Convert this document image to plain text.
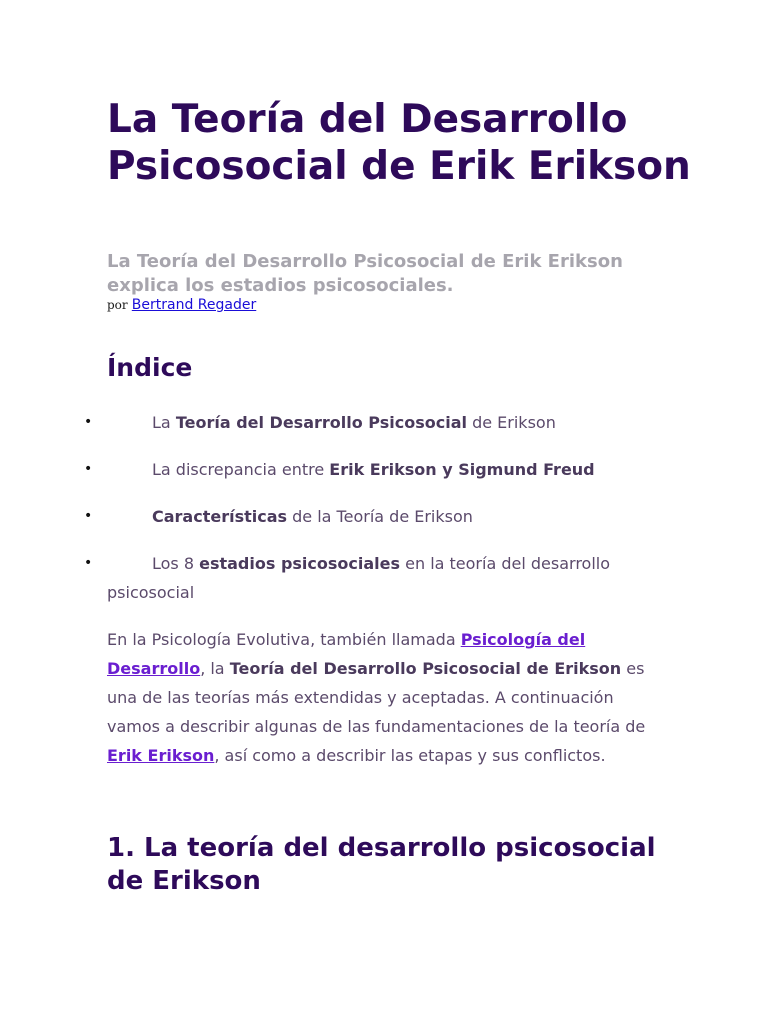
La Teoría del Desarrollo Psicosocial de Erik Erikson

La Teoría del Desarrollo Psicosocial de Erik Erikson explica los estadios psicosociales.

por Bertrand Regader
Índice
•	La Teoría del Desarrollo Psicosocial de Erikson
•	La discrepancia entre Erik Erikson y Sigmund Freud
•	Características de la Teoría de Erikson
•	Los 8 estadios psicosociales en la teoría del desarrollo
psicosocial

En la Psicología Evolutiva, también llamada Psicología del Desarrollo, la Teoría del Desarrollo Psicosocial de Erikson es una de las teorías más extendidas y aceptadas. A continuación vamos a describir algunas de las fundamentaciones de la teoría de Erik Erikson, así como a describir las etapas y sus conflictos.

1. La teoría del desarrollo psicosocial de Erikson
